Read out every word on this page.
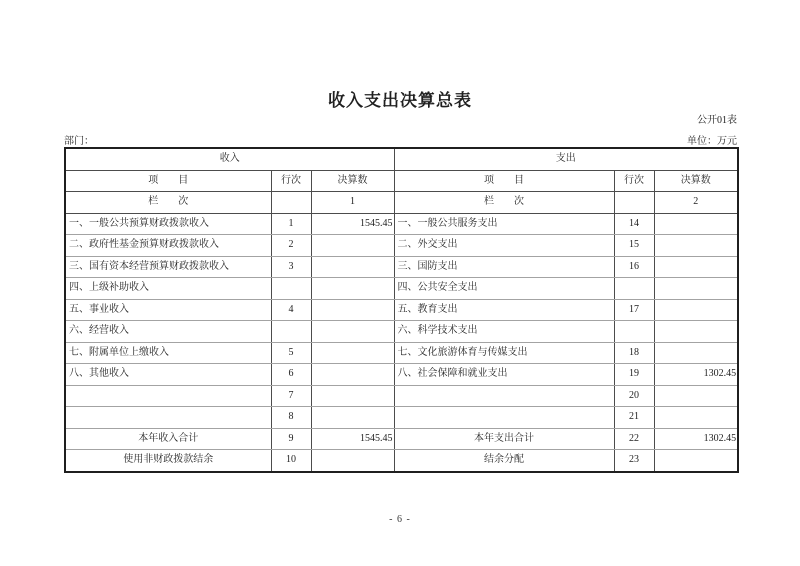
收入支出决算总表
公开01表
部门：	单位：万元
收入			支出		
项　　目	行次	决算数	项　　目	行次	决算数
栏　　次		1	栏　　次		2
一、一般公共预算财政拨款收入	1	1545.45	一、一般公共服务支出	14	
二、政府性基金预算财政拨款收入	2		二、外交支出	15	
三、国有资本经营预算财政拨款收入	3		三、国防支出	16	
四、上级补助收入			四、公共安全支出		
五、事业收入	4		五、教育支出	17	
六、经营收入			六、科学技术支出		
七、附属单位上缴收入	5		七、文化旅游体育与传媒支出	18	
八、其他收入	6		八、社会保障和就业支出	19	1302.45
	7			20	
	8			21	
本年收入合计	9	1545.45	本年支出合计	22	1302.45
使用非财政拨款结余	10		结余分配	23	
- 6 -
